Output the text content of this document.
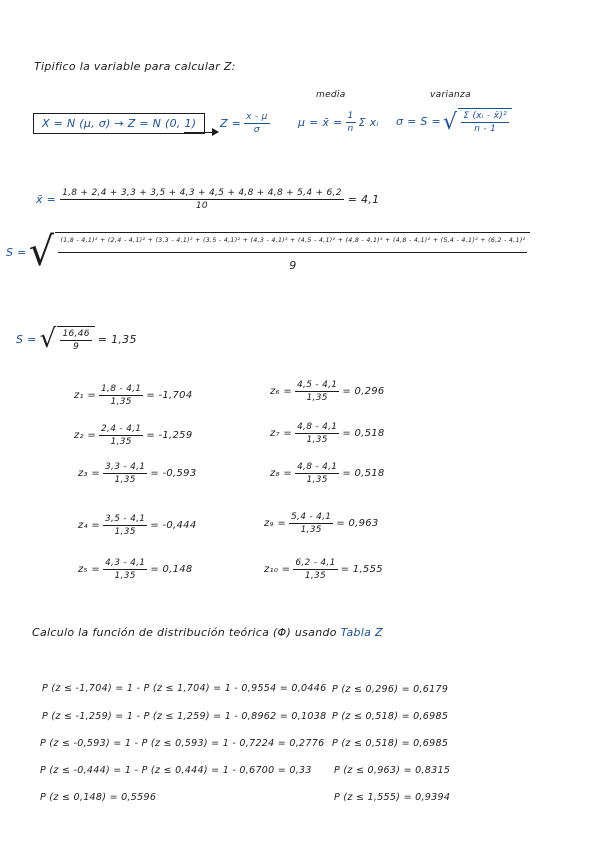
Tipifico la variable para calcular Z:
media	varianza
X = N (μ, σ) → Z = N (0, 1)	$Z = \frac{x - \mu}{\sigma}$	μ = x̄ = $\frac{1}{n}$ Σ xᵢ σ = S = √ $\frac{\text{Σ (xᵢ - x̄)²}}{n - 1}$
x̄ = $\frac{1,8 + 2,4 + 3,3 + 3,5 + 4,3 + 4,5 + 4,8 + 4,8 + 5,4 + 6,2}{10} = 4,1$
S = √ (1,8 - 4,1)² + (2,4 - 4,1)² + (3,3 - 4,1)² + (3,5 - 4,1)² + (4,3 - 4,1)² + (4,5 - 4,1)² + (4,8 - 4,1)² + (4,8 - 4,1)² + (5,4 - 4,1)² + (6,2 - 4,1)²
9
S = √ $\frac{16,46}{9} = 1,35$
$z_1 = \frac{1,8 - 4,1}{1,35} = -1,704$
$z_2 = \frac{2,4 - 4,1}{1,35} = -1,259$
$z_3 = \frac{3,3 - 4,1}{1,35} = -0,593$
$z_4 = \frac{3,5 - 4,1}{1,35} = -0,444$
$z_5 = \frac{4,3 - 4,1}{1,35} = 0,148$
$z_6 = \frac{4,5 - 4,1}{1,35} = 0,296$
$z_7 = \frac{4,8 - 4,1}{1,35} = 0,518$
$z_8 = \frac{4,8 - 4,1}{1,35} = 0,518$
$z_9 = \frac{5,4 - 4,1}{1,35} = 0,963$
$z_{10} = \frac{6,2 - 4,1}{1,35} = 1,555$
Calculo la función de distribución teórica (Φ) usando Tabla Z
P (z ≤ -1,704) = 1 - P (z ≤ 1,704) = 1 - 0,9554 = 0,0446
P (z ≤ -1,259) = 1 - P (z ≤ 1,259) = 1 - 0,8962 = 0,1038
P (z ≤ -0,593) = 1 - P (z ≤ 0,593) = 1 - 0,7224 = 0,2776
P (z ≤ -0,444) = 1 - P (z ≤ 0,444) = 1 - 0,6700 = 0,33
P (z ≤ 0,148) = 0,5596
P (z ≤ 0,296) = 0,6179
P (z ≤ 0,518) = 0,6985
P (z ≤ 0,518) = 0,6985
P (z ≤ 0,963) = 0,8315
P (z ≤ 1,555) = 0,9394
